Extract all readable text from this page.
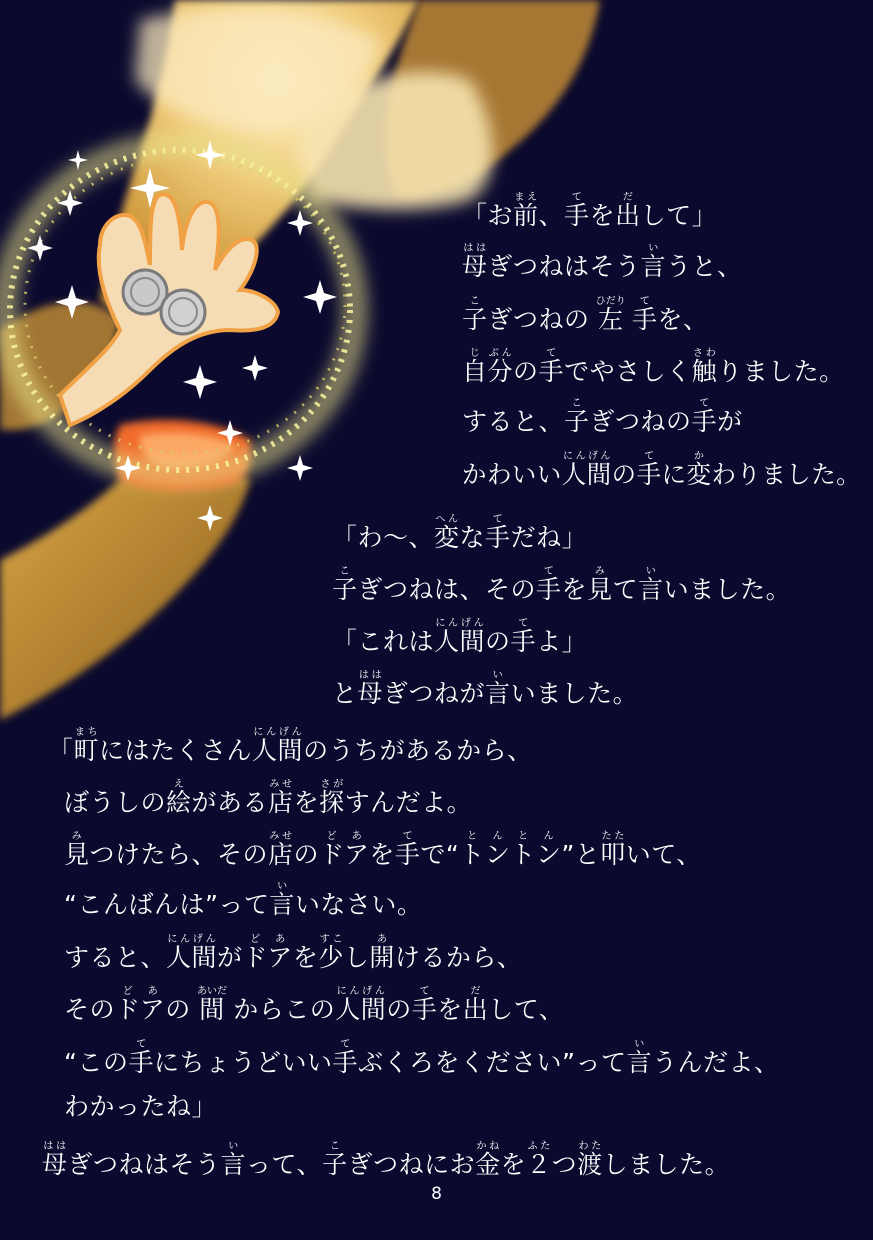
「お前まえ、手てを出だして」
母ははぎつねはそう言いうと、
子こぎつねの 左ひだり 手てを、
自じ分ぶんの手てでやさしく触さわりました。
すると、子こぎつねの手てが
かわいい人間にんげんの手てに変かわりました。
「わ～、変へんな手てだね」
子こぎつねは、その手てを見みて言いいました。
「これは人間にんげんの手てよ」
と母ははぎつねが言いいました。
「町まちにはたくさん人間にんげんのうちがあるから、
ぼうしの絵えがある店みせを探さがすんだよ。
見みつけたら、その店みせのドアどあを手てで“トントンとんとん”と叩たたいて、
“こんばんは”って言いいなさい。
すると、人間にんげんがドアどあを少すこし開あけるから、
そのドアどあの 間あいだ からこの人間にんげんの手てを出だして、
“この手てにちょうどいい手てぶくろをください”って言いうんだよ、
わかったね」
母ははぎつねはそう言いって、子こぎつねにお金かねを２ふたつ渡わたしました。
8
